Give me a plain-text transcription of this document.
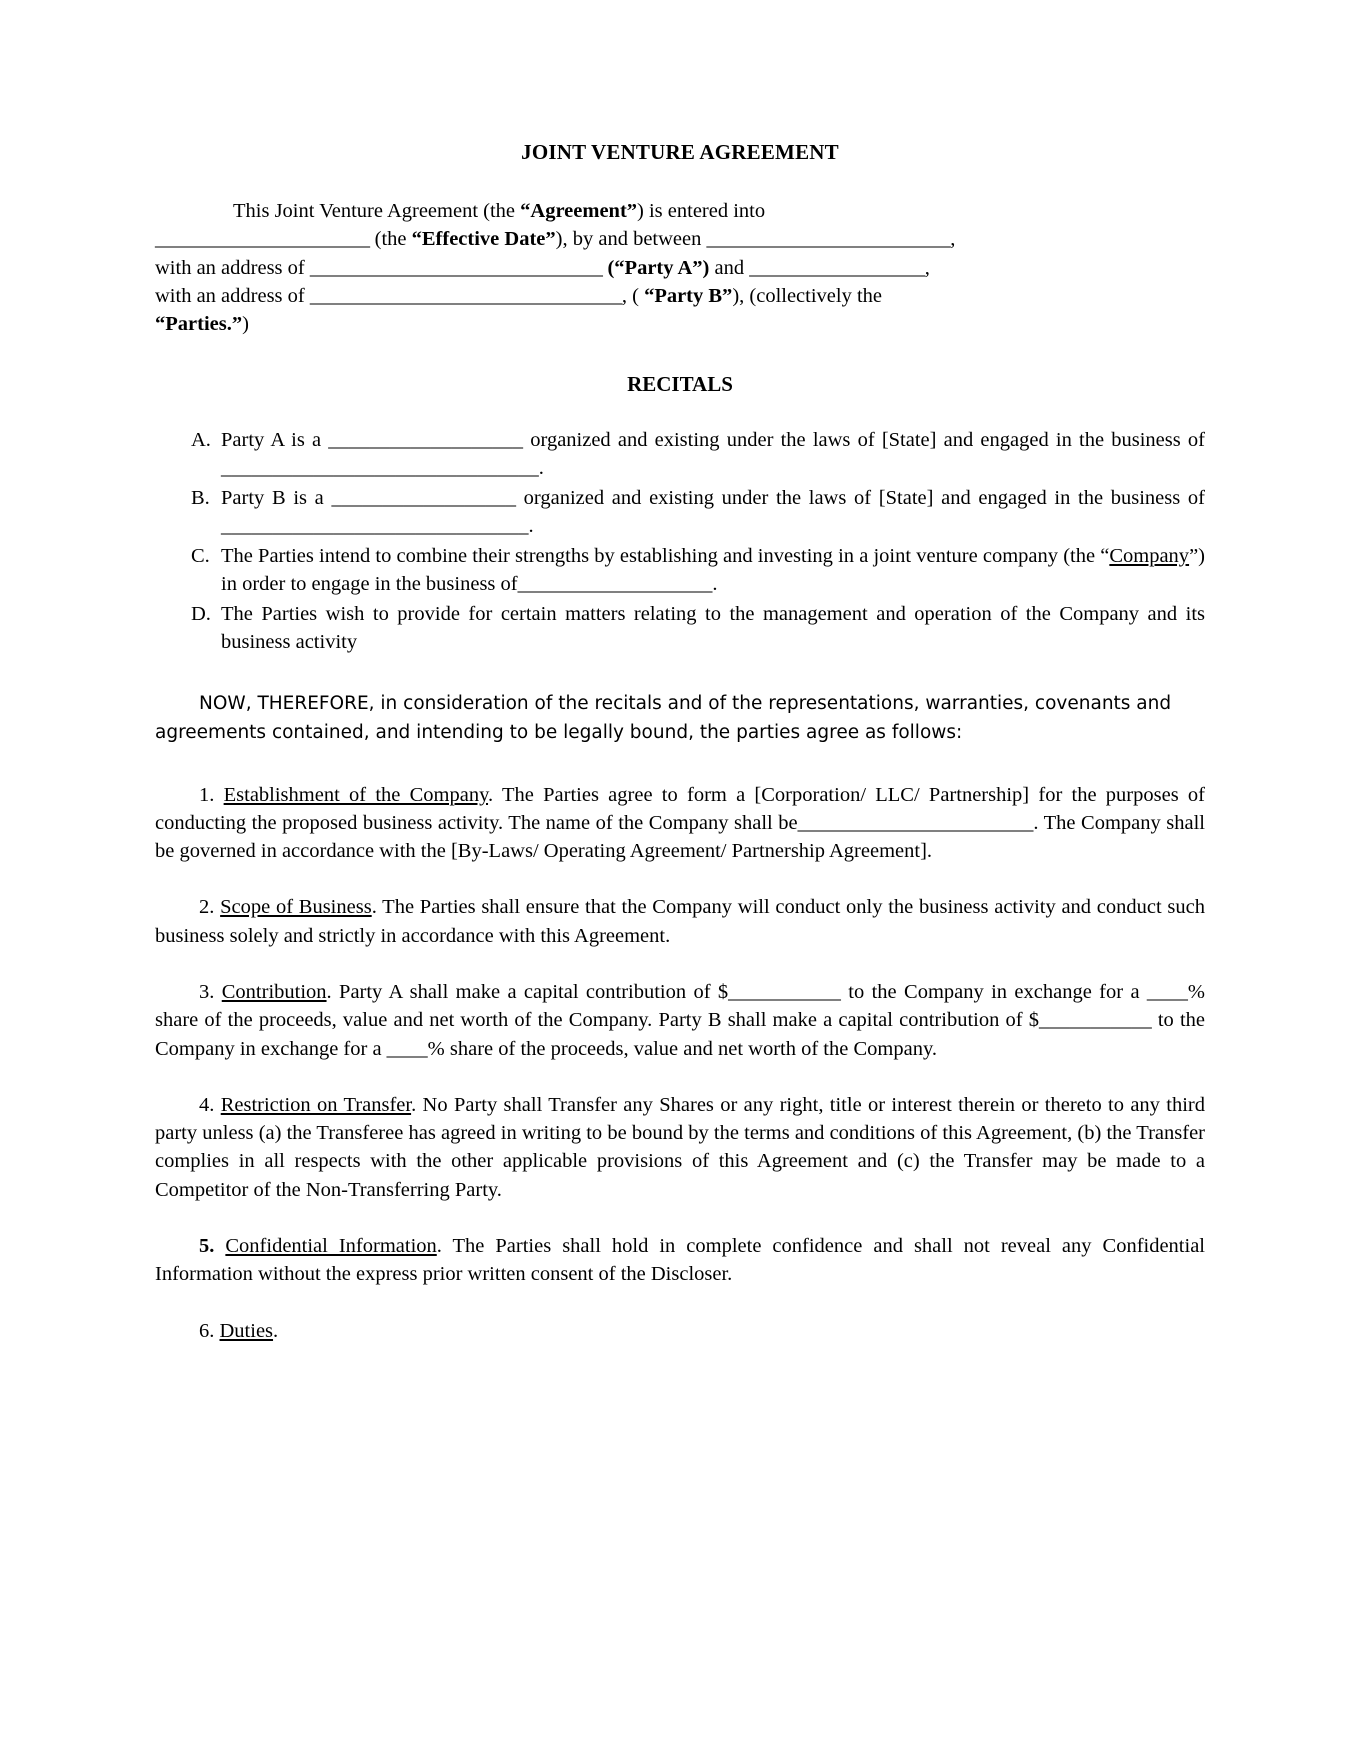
JOINT VENTURE AGREEMENT

This Joint Venture Agreement (the “Agreement”) is entered into
______________________ (the “Effective Date”), by and between _________________________,
with an address of ______________________________ (“Party A”) and __________________,
with an address of ________________________________, ( “Party B”), (collectively the
“Parties.”)

RECITALS
A. Party A is a ___________________ organized and existing under the laws of [State] and engaged in the business of _______________________________.
B. Party B is a __________________ organized and existing under the laws of [State] and engaged in the business of ______________________________.
C. The Parties intend to combine their strengths by establishing and investing in a joint venture company (the “Company”) in order to engage in the business of___________________.
D. The Parties wish to provide for certain matters relating to the management and operation of the Company and its business activity

NOW, THEREFORE, in consideration of the recitals and of the representations, warranties, covenants and agreements contained, and intending to be legally bound, the parties agree as follows:

1. Establishment of the Company. The Parties agree to form a [Corporation/ LLC/ Partnership] for the purposes of conducting the proposed business activity. The name of the Company shall be_______________________. The Company shall be governed in accordance with the [By-Laws/ Operating Agreement/ Partnership Agreement].

2. Scope of Business. The Parties shall ensure that the Company will conduct only the business activity and conduct such business solely and strictly in accordance with this Agreement.

3. Contribution. Party A shall make a capital contribution of $___________ to the Company in exchange for a ____% share of the proceeds, value and net worth of the Company. Party B shall make a capital contribution of $___________ to the Company in exchange for a ____% share of the proceeds, value and net worth of the Company.

4. Restriction on Transfer. No Party shall Transfer any Shares or any right, title or interest therein or thereto to any third party unless (a) the Transferee has agreed in writing to be bound by the terms and conditions of this Agreement, (b) the Transfer complies in all respects with the other applicable provisions of this Agreement and (c) the Transfer may be made to a Competitor of the Non-Transferring Party.

5. Confidential Information. The Parties shall hold in complete confidence and shall not reveal any Confidential Information without the express prior written consent of the Discloser.

6. Duties.
